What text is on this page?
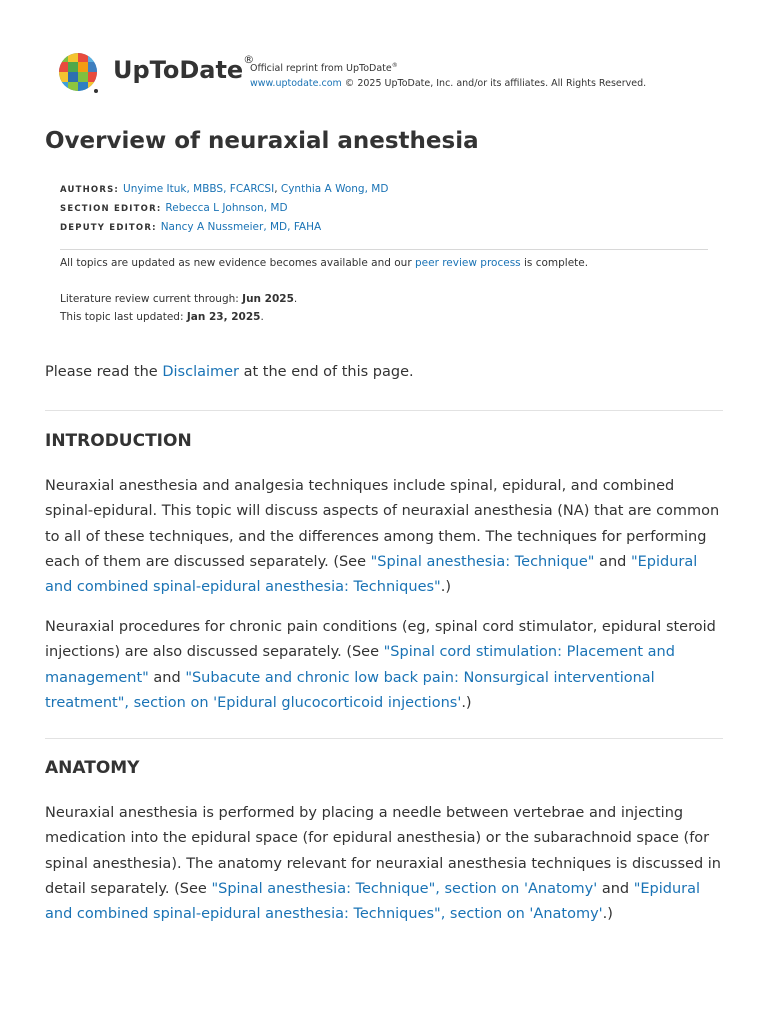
UpToDate®
Official reprint from UpToDate®
www.uptodate.com © 2025 UpToDate, Inc. and/or its affiliates. All Rights Reserved.
Overview of neuraxial anesthesia
AUTHORS: Unyime Ituk, MBBS, FCARCSI, Cynthia A Wong, MD
SECTION EDITOR: Rebecca L Johnson, MD
DEPUTY EDITOR: Nancy A Nussmeier, MD, FAHA
All topics are updated as new evidence becomes available and our peer review process is complete.
Literature review current through: Jun 2025.
This topic last updated: Jan 23, 2025.
Please read the Disclaimer at the end of this page.
INTRODUCTION

Neuraxial anesthesia and analgesia techniques include spinal, epidural, and combined spinal-epidural. This topic will discuss aspects of neuraxial anesthesia (NA) that are common to all of these techniques, and the differences among them. The techniques for performing each of them are discussed separately. (See "Spinal anesthesia: Technique" and "Epidural and combined spinal-epidural anesthesia: Techniques".)

Neuraxial procedures for chronic pain conditions (eg, spinal cord stimulator, epidural steroid injections) are also discussed separately. (See "Spinal cord stimulation: Placement and management" and "Subacute and chronic low back pain: Nonsurgical interventional treatment", section on 'Epidural glucocorticoid injections'.)

ANATOMY

Neuraxial anesthesia is performed by placing a needle between vertebrae and injecting medication into the epidural space (for epidural anesthesia) or the subarachnoid space (for spinal anesthesia). The anatomy relevant for neuraxial anesthesia techniques is discussed in detail separately. (See "Spinal anesthesia: Technique", section on 'Anatomy' and "Epidural and combined spinal-epidural anesthesia: Techniques", section on 'Anatomy'.)
